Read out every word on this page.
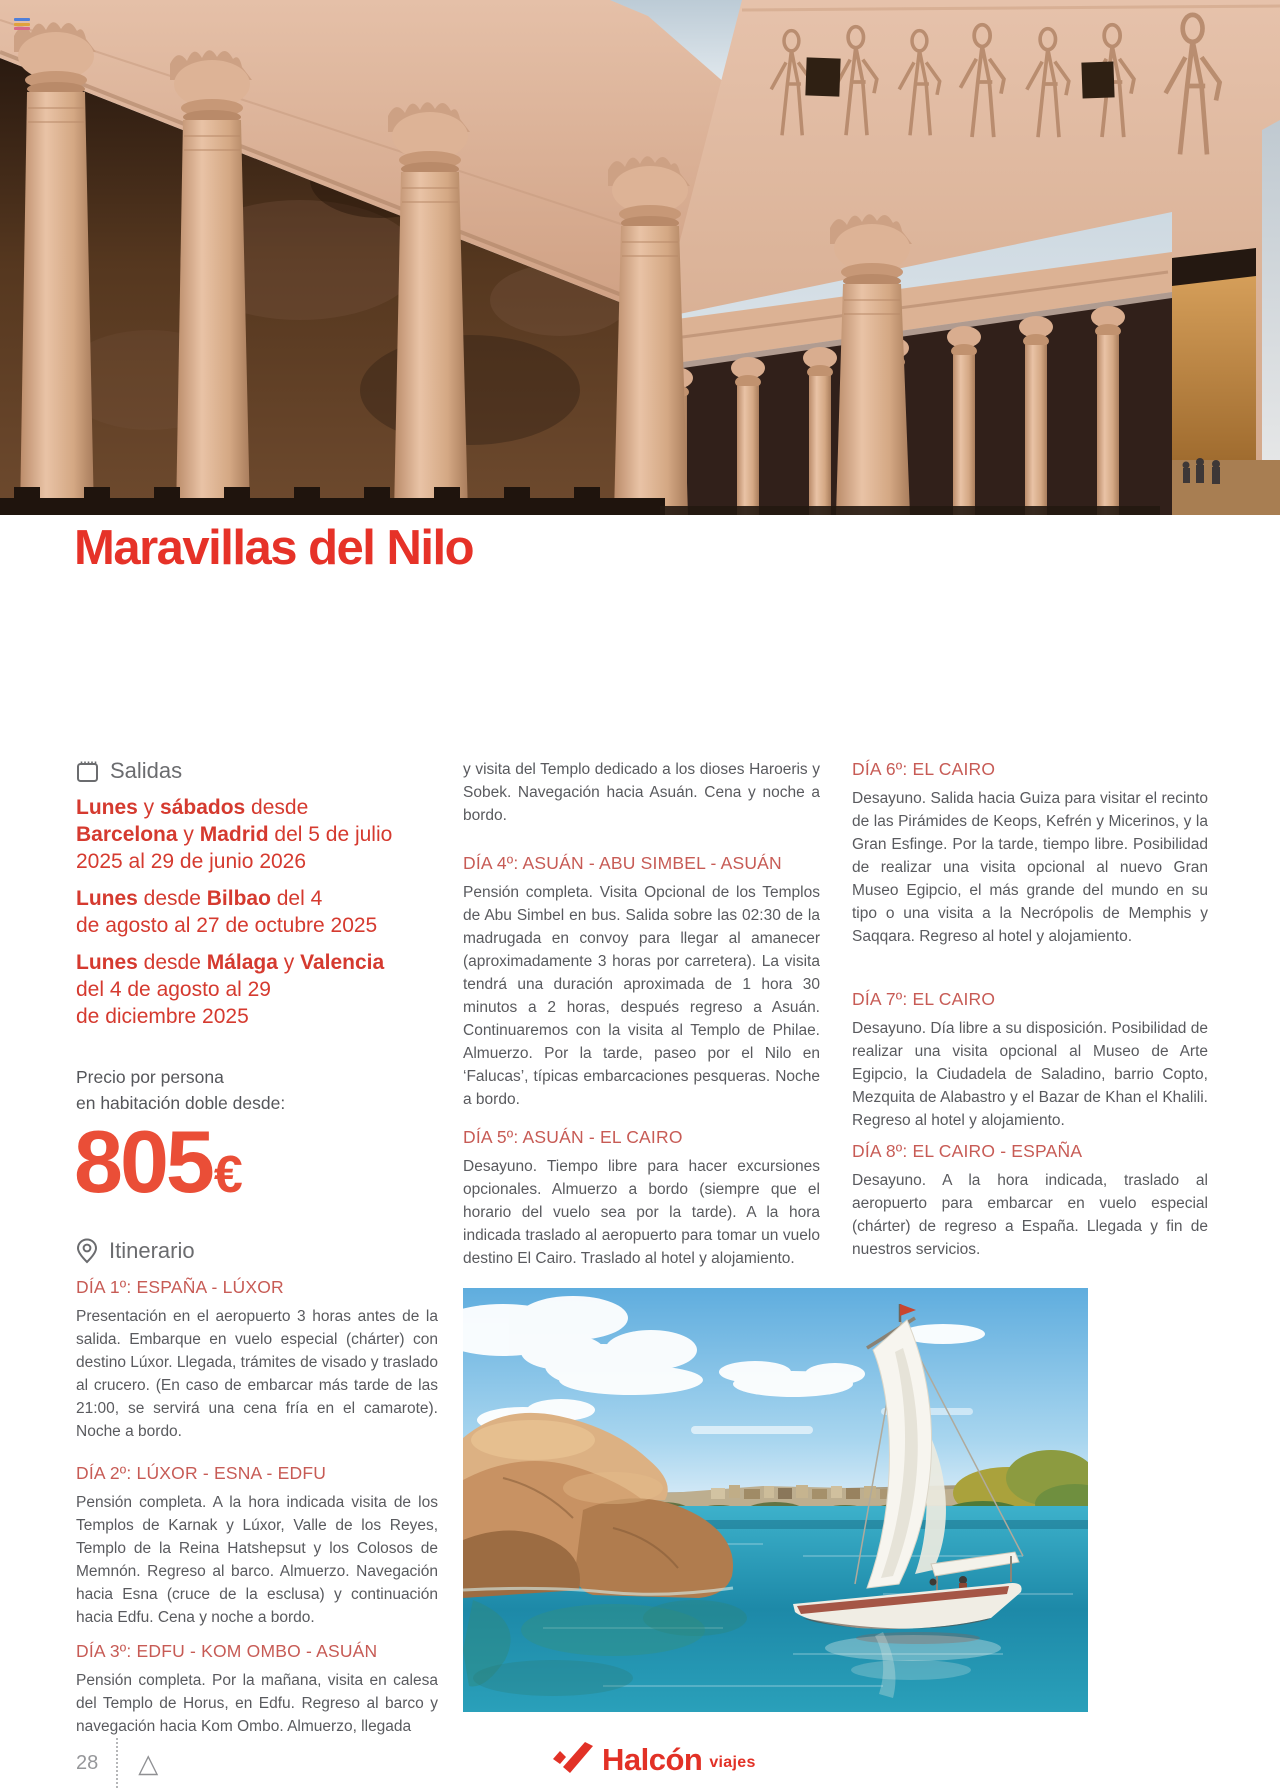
Maravillas del Nilo
Salidas

Lunes y sábados desde
Barcelona y Madrid del 5 de julio
2025 al 29 de junio 2026

Lunes desde Bilbao del 4
de agosto al 27 de octubre 2025

Lunes desde Málaga y Valencia
del 4 de agosto al 29
de diciembre 2025

Precio por persona
en habitación doble desde:
805€
Itinerario
DÍA 1º: ESPAÑA - LÚXOR

Presentación en el aeropuerto 3 horas antes de la salida. Embarque en vuelo especial (chárter) con destino Lúxor. Llegada, trámites de visado y traslado al crucero. (En caso de embarcar más tarde de las 21:00, se servirá una cena fría en el camarote). Noche a bordo.

DÍA 2º: LÚXOR - ESNA - EDFU

Pensión completa. A la hora indicada visita de los Templos de Karnak y Lúxor, Valle de los Reyes, Templo de la Reina Hatshepsut y los Colosos de Memnón. Regreso al barco. Almuerzo. Navegación hacia Esna (cruce de la esclusa) y continuación hacia Edfu. Cena y noche a bordo.

DÍA 3º: EDFU - KOM OMBO - ASUÁN

Pensión completa. Por la mañana, visita en calesa del Templo de Horus, en Edfu. Regreso al barco y navegación hacia Kom Ombo. Almuerzo, llegada

y visita del Templo dedicado a los dioses Haroeris y Sobek. Navegación hacia Asuán. Cena y noche a bordo.

DÍA 4º: ASUÁN - ABU SIMBEL - ASUÁN

Pensión completa. Visita Opcional de los Templos de Abu Simbel en bus. Salida sobre las 02:30 de la madrugada en convoy para llegar al amanecer (aproximadamente 3 horas por carretera). La visita tendrá una duración aproximada de 1 hora 30 minutos a 2 horas, después regreso a Asuán. Continuaremos con la visita al Templo de Philae. Almuerzo. Por la tarde, paseo por el Nilo en ‘Falucas’, típicas embarcaciones pesqueras. Noche a bordo.

DÍA 5º: ASUÁN - EL CAIRO

Desayuno. Tiempo libre para hacer excursiones opcionales. Almuerzo a bordo (siempre que el horario del vuelo sea por la tarde). A la hora indicada traslado al aeropuerto para tomar un vuelo destino El Cairo. Traslado al hotel y alojamiento.

DÍA 6º: EL CAIRO

Desayuno. Salida hacia Guiza para visitar el recinto de las Pirámides de Keops, Kefrén y Micerinos, y la Gran Esfinge. Por la tarde, tiempo libre. Posibilidad de realizar una visita opcional al nuevo Gran Museo Egipcio, el más grande del mundo en su tipo o una visita a la Necrópolis de Memphis y Saqqara. Regreso al hotel y alojamiento.

DÍA 7º: EL CAIRO

Desayuno. Día libre a su disposición. Posibilidad de realizar una visita opcional al Museo de Arte Egipcio, la Ciudadela de Saladino, barrio Copto, Mezquita de Alabastro y el Bazar de Khan el Khalili. Regreso al hotel y alojamiento.

DÍA 8º: EL CAIRO - ESPAÑA

Desayuno. A la hora indicada, traslado al aeropuerto para embarcar en vuelo especial (chárter) de regreso a España. Llegada y fin de nuestros servicios.

28 △	Halcón viajes
